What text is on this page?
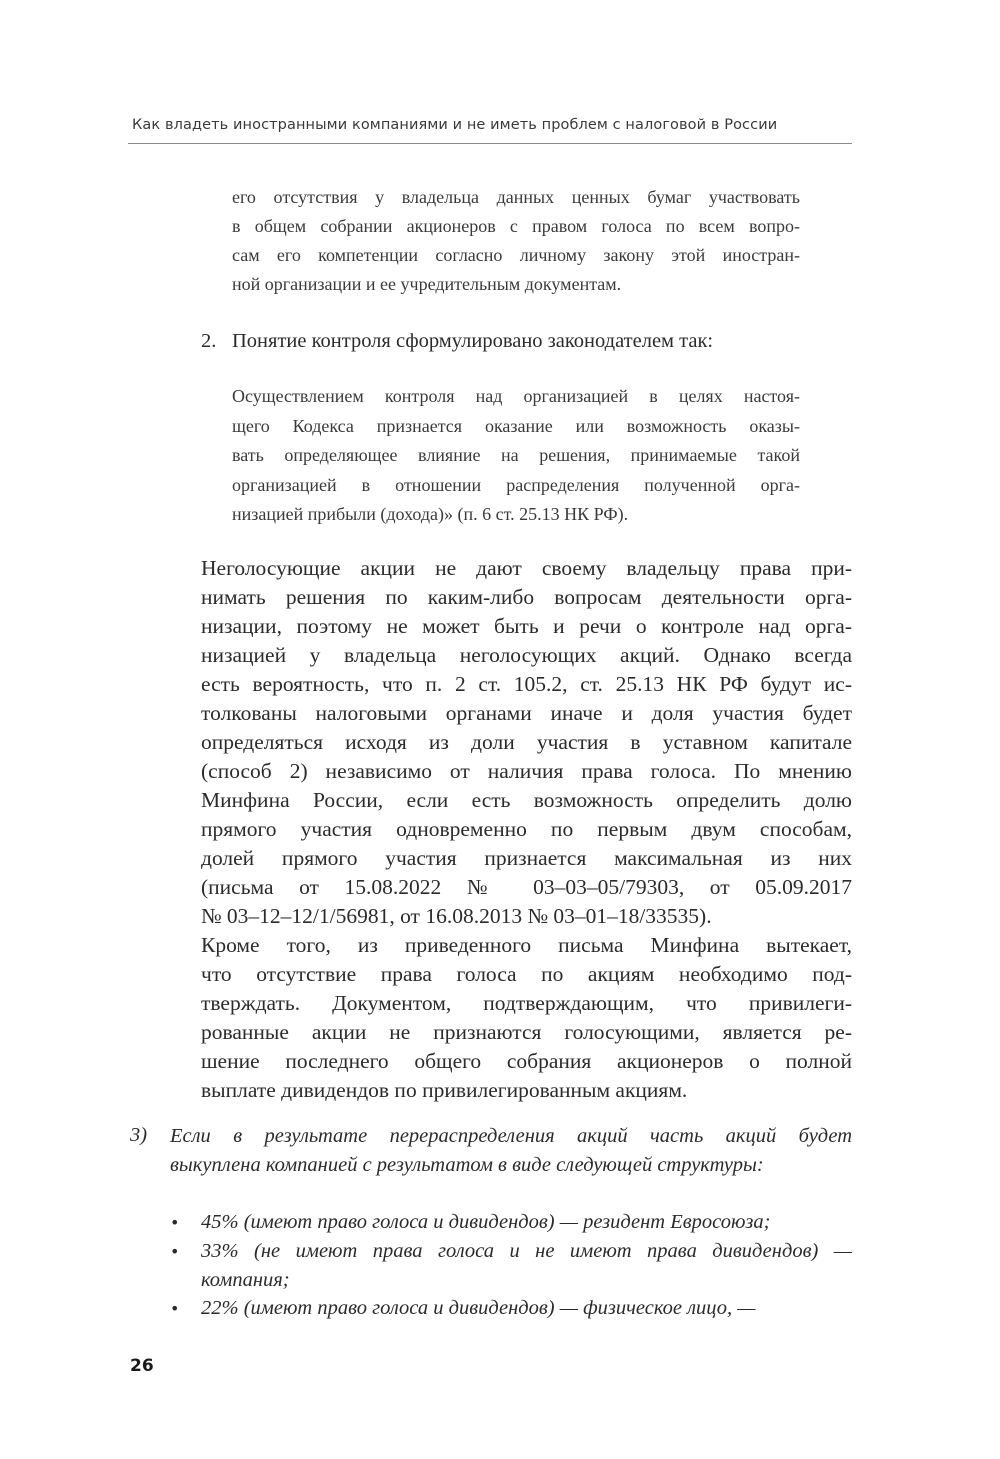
Как владеть иностранными компаниями и не иметь проблем с налоговой в России
его отсутствия у владельца данных ценных бумаг участвовать
в общем собрании акционеров с правом голоса по всем вопро-
сам его компетенции согласно личному закону этой иностран-
ной организации и ее учредительным документам.
2. Понятие контроля сформулировано законодателем так:
Осуществлением контроля над организацией в целях настоя-
щего Кодекса признается оказание или возможность оказы-
вать определяющее влияние на решения, принимаемые такой
организацией в отношении распределения полученной орга-
низацией прибыли (дохода)» (п. 6 ст. 25.13 НК РФ).
Неголосующие акции не дают своему владельцу права при-
нимать решения по каким-либо вопросам деятельности орга-
низации, поэтому не может быть и речи о контроле над орга-
низацией у владельца неголосующих акций. Однако всегда
есть вероятность, что п. 2 ст. 105.2, ст. 25.13 НК РФ будут ис-
толкованы налоговыми органами иначе и доля участия будет
определяться исходя из доли участия в уставном капитале
(способ 2) независимо от наличия права голоса. По мнению
Минфина России, если есть возможность определить долю
прямого участия одновременно по первым двум способам,
долей прямого участия признается максимальная из них
(письма от 15.08.2022 № 03–03–05/79303, от 05.09.2017
№ 03–12–12/1/56981, от 16.08.2013 № 03–01–18/33535).
Кроме того, из приведенного письма Минфина вытекает,
что отсутствие права голоса по акциям необходимо под-
тверждать. Документом, подтверждающим, что привилеги-
рованные акции не признаются голосующими, является ре-
шение последнего общего собрания акционеров о полной
выплате дивидендов по привилегированным акциям.
3) Если в результате перераспределения акций часть акций будет
выкуплена компанией с результатом в виде следующей структуры:
• 45% (имеют право голоса и дивидендов) — резидент Евросоюза;
• 33% (не имеют права голоса и не имеют права дивидендов) —
компания;
• 22% (имеют право голоса и дивидендов) — физическое лицо, —
26
